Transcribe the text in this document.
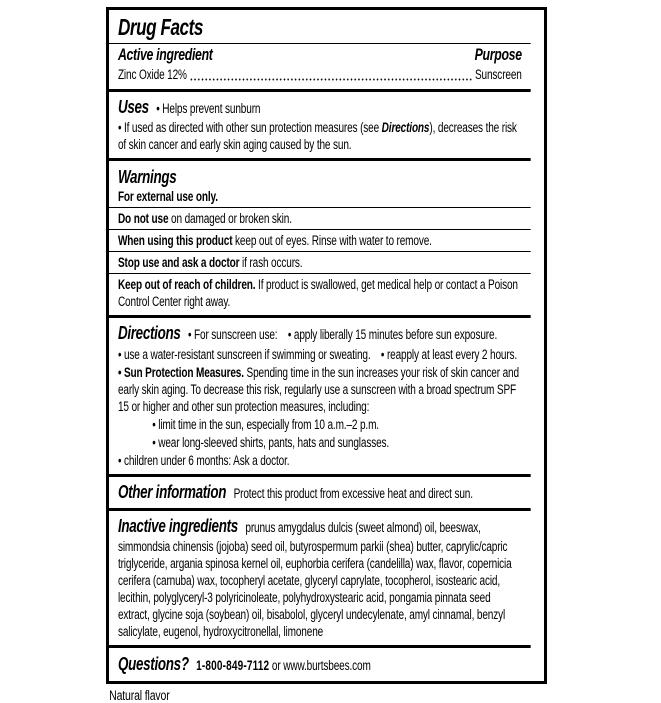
Drug Facts
Active ingredient	Purpose
Zinc Oxide 12%	Sunscreen

Uses • Helps prevent sunburn

• If used as directed with other sun protection measures (see Directions), decreases the risk of skin cancer and early skin aging caused by the sun.

Warnings

For external use only.

Do not use on damaged or broken skin.

When using this product keep out of eyes. Rinse with water to remove.

Stop use and ask a doctor if rash occurs.

Keep out of reach of children. If product is swallowed, get medical help or contact a Poison Control Center right away.

Directions • For sunscreen use: • apply liberally 15 minutes before sun exposure.

• use a water-resistant sunscreen if swimming or sweating. • reapply at least every 2 hours.

• Sun Protection Measures. Spending time in the sun increases your risk of skin cancer and early skin aging. To decrease this risk, regularly use a sunscreen with a broad spectrum SPF 15 or higher and other sun protection measures, including:

• limit time in the sun, especially from 10 a.m.–2 p.m.

• wear long-sleeved shirts, pants, hats and sunglasses.

• children under 6 months: Ask a doctor.

Other information Protect this product from excessive heat and direct sun.

Inactive ingredients prunus amygdalus dulcis (sweet almond) oil, beeswax, simmondsia chinensis (jojoba) seed oil, butyrospermum parkii (shea) butter, caprylic/capric triglyceride, argania spinosa kernel oil, euphorbia cerifera (candelilla) wax, flavor, copernicia cerifera (carnuba) wax, tocopheryl acetate, glyceryl caprylate, tocopherol, isostearic acid, lecithin, polyglyceryl-3 polyricinoleate, polyhydroxystearic acid, pongamia pinnata seed extract, glycine soja (soybean) oil, bisabolol, glyceryl undecylenate, amyl cinnamal, benzyl salicylate, eugenol, hydroxycitronellal, limonene

Questions? 1-800-849-7112 or www.burtsbees.com

Natural flavor
